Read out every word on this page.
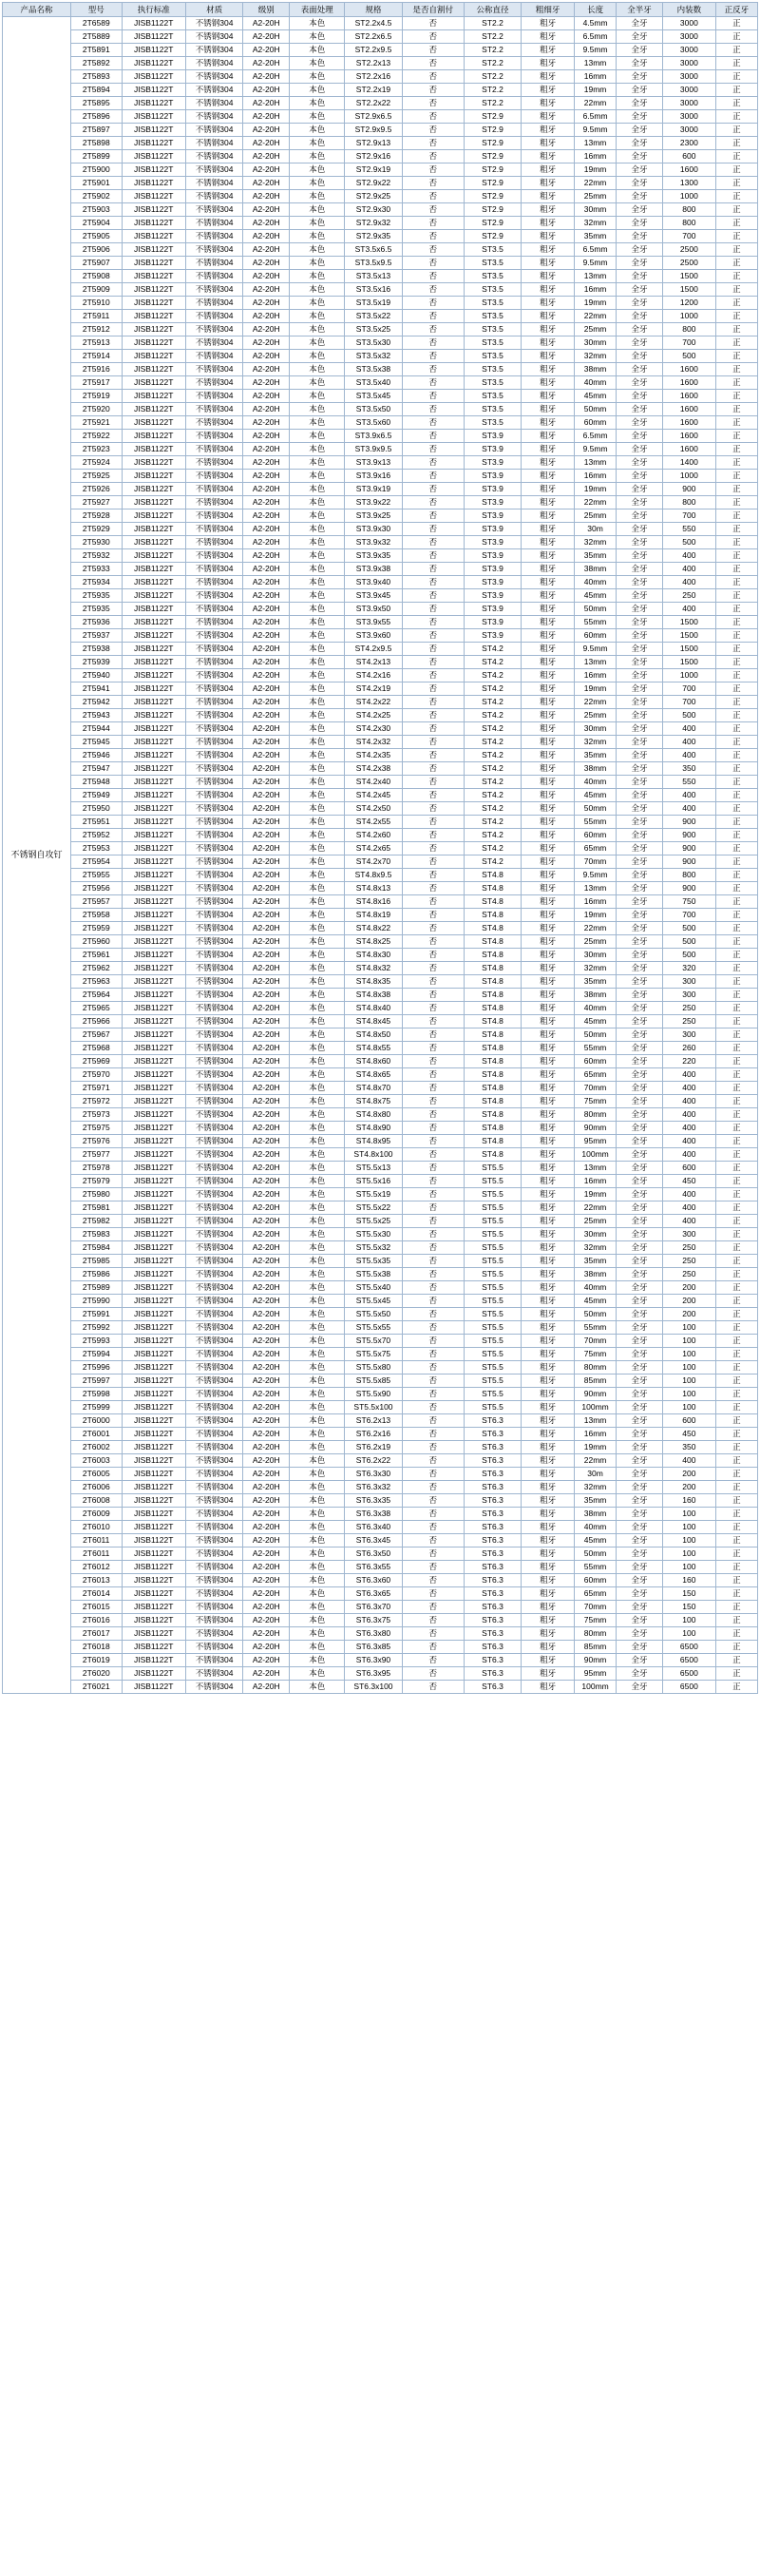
产品名称	型号	执行标准	材质	级别	表面处理	规格	是否自割付	公称直径	粗细牙	长度	全半牙	内装数	正反牙
不锈钢自攻钉	2T6589	JISB1122T	不锈钢304	A2-20H	本色	ST2.2x4.5	否	ST2.2	粗牙	4.5mm	全牙	3000	正
	2T5889	JISB1122T	不锈钢304	A2-20H	本色	ST2.2x6.5	否	ST2.2	粗牙	6.5mm	全牙	3000	正
	2T5891	JISB1122T	不锈钢304	A2-20H	本色	ST2.2x9.5	否	ST2.2	粗牙	9.5mm	全牙	3000	正
	2T5892	JISB1122T	不锈钢304	A2-20H	本色	ST2.2x13	否	ST2.2	粗牙	13mm	全牙	3000	正
	2T5893	JISB1122T	不锈钢304	A2-20H	本色	ST2.2x16	否	ST2.2	粗牙	16mm	全牙	3000	正
	2T5894	JISB1122T	不锈钢304	A2-20H	本色	ST2.2x19	否	ST2.2	粗牙	19mm	全牙	3000	正
	2T5895	JISB1122T	不锈钢304	A2-20H	本色	ST2.2x22	否	ST2.2	粗牙	22mm	全牙	3000	正
	2T5896	JISB1122T	不锈钢304	A2-20H	本色	ST2.9x6.5	否	ST2.9	粗牙	6.5mm	全牙	3000	正
	2T5897	JISB1122T	不锈钢304	A2-20H	本色	ST2.9x9.5	否	ST2.9	粗牙	9.5mm	全牙	3000	正
	2T5898	JISB1122T	不锈钢304	A2-20H	本色	ST2.9x13	否	ST2.9	粗牙	13mm	全牙	2300	正
	2T5899	JISB1122T	不锈钢304	A2-20H	本色	ST2.9x16	否	ST2.9	粗牙	16mm	全牙	600	正
	2T5900	JISB1122T	不锈钢304	A2-20H	本色	ST2.9x19	否	ST2.9	粗牙	19mm	全牙	1600	正
	2T5901	JISB1122T	不锈钢304	A2-20H	本色	ST2.9x22	否	ST2.9	粗牙	22mm	全牙	1300	正
	2T5902	JISB1122T	不锈钢304	A2-20H	本色	ST2.9x25	否	ST2.9	粗牙	25mm	全牙	1000	正
	2T5903	JISB1122T	不锈钢304	A2-20H	本色	ST2.9x30	否	ST2.9	粗牙	30mm	全牙	800	正
	2T5904	JISB1122T	不锈钢304	A2-20H	本色	ST2.9x32	否	ST2.9	粗牙	32mm	全牙	800	正
	2T5905	JISB1122T	不锈钢304	A2-20H	本色	ST2.9x35	否	ST2.9	粗牙	35mm	全牙	700	正
	2T5906	JISB1122T	不锈钢304	A2-20H	本色	ST3.5x6.5	否	ST3.5	粗牙	6.5mm	全牙	2500	正
	2T5907	JISB1122T	不锈钢304	A2-20H	本色	ST3.5x9.5	否	ST3.5	粗牙	9.5mm	全牙	2500	正
	2T5908	JISB1122T	不锈钢304	A2-20H	本色	ST3.5x13	否	ST3.5	粗牙	13mm	全牙	1500	正
	2T5909	JISB1122T	不锈钢304	A2-20H	本色	ST3.5x16	否	ST3.5	粗牙	16mm	全牙	1500	正
	2T5910	JISB1122T	不锈钢304	A2-20H	本色	ST3.5x19	否	ST3.5	粗牙	19mm	全牙	1200	正
	2T5911	JISB1122T	不锈钢304	A2-20H	本色	ST3.5x22	否	ST3.5	粗牙	22mm	全牙	1000	正
	2T5912	JISB1122T	不锈钢304	A2-20H	本色	ST3.5x25	否	ST3.5	粗牙	25mm	全牙	800	正
	2T5913	JISB1122T	不锈钢304	A2-20H	本色	ST3.5x30	否	ST3.5	粗牙	30mm	全牙	700	正
	2T5914	JISB1122T	不锈钢304	A2-20H	本色	ST3.5x32	否	ST3.5	粗牙	32mm	全牙	500	正
	2T5916	JISB1122T	不锈钢304	A2-20H	本色	ST3.5x38	否	ST3.5	粗牙	38mm	全牙	1600	正
	2T5917	JISB1122T	不锈钢304	A2-20H	本色	ST3.5x40	否	ST3.5	粗牙	40mm	全牙	1600	正
	2T5919	JISB1122T	不锈钢304	A2-20H	本色	ST3.5x45	否	ST3.5	粗牙	45mm	全牙	1600	正
	2T5920	JISB1122T	不锈钢304	A2-20H	本色	ST3.5x50	否	ST3.5	粗牙	50mm	全牙	1600	正
	2T5921	JISB1122T	不锈钢304	A2-20H	本色	ST3.5x60	否	ST3.5	粗牙	60mm	全牙	1600	正
	2T5922	JISB1122T	不锈钢304	A2-20H	本色	ST3.9x6.5	否	ST3.9	粗牙	6.5mm	全牙	1600	正
	2T5923	JISB1122T	不锈钢304	A2-20H	本色	ST3.9x9.5	否	ST3.9	粗牙	9.5mm	全牙	1600	正
	2T5924	JISB1122T	不锈钢304	A2-20H	本色	ST3.9x13	否	ST3.9	粗牙	13mm	全牙	1400	正
	2T5925	JISB1122T	不锈钢304	A2-20H	本色	ST3.9x16	否	ST3.9	粗牙	16mm	全牙	1000	正
	2T5926	JISB1122T	不锈钢304	A2-20H	本色	ST3.9x19	否	ST3.9	粗牙	19mm	全牙	900	正
	2T5927	JISB1122T	不锈钢304	A2-20H	本色	ST3.9x22	否	ST3.9	粗牙	22mm	全牙	800	正
	2T5928	JISB1122T	不锈钢304	A2-20H	本色	ST3.9x25	否	ST3.9	粗牙	25mm	全牙	700	正
	2T5929	JISB1122T	不锈钢304	A2-20H	本色	ST3.9x30	否	ST3.9	粗牙	30m	全牙	550	正
	2T5930	JISB1122T	不锈钢304	A2-20H	本色	ST3.9x32	否	ST3.9	粗牙	32mm	全牙	500	正
	2T5932	JISB1122T	不锈钢304	A2-20H	本色	ST3.9x35	否	ST3.9	粗牙	35mm	全牙	400	正
	2T5933	JISB1122T	不锈钢304	A2-20H	本色	ST3.9x38	否	ST3.9	粗牙	38mm	全牙	400	正
	2T5934	JISB1122T	不锈钢304	A2-20H	本色	ST3.9x40	否	ST3.9	粗牙	40mm	全牙	400	正
	2T5935	JISB1122T	不锈钢304	A2-20H	本色	ST3.9x45	否	ST3.9	粗牙	45mm	全牙	250	正
	2T5935	JISB1122T	不锈钢304	A2-20H	本色	ST3.9x50	否	ST3.9	粗牙	50mm	全牙	400	正
	2T5936	JISB1122T	不锈钢304	A2-20H	本色	ST3.9x55	否	ST3.9	粗牙	55mm	全牙	1500	正
	2T5937	JISB1122T	不锈钢304	A2-20H	本色	ST3.9x60	否	ST3.9	粗牙	60mm	全牙	1500	正
	2T5938	JISB1122T	不锈钢304	A2-20H	本色	ST4.2x9.5	否	ST4.2	粗牙	9.5mm	全牙	1500	正
	2T5939	JISB1122T	不锈钢304	A2-20H	本色	ST4.2x13	否	ST4.2	粗牙	13mm	全牙	1500	正
	2T5940	JISB1122T	不锈钢304	A2-20H	本色	ST4.2x16	否	ST4.2	粗牙	16mm	全牙	1000	正
	2T5941	JISB1122T	不锈钢304	A2-20H	本色	ST4.2x19	否	ST4.2	粗牙	19mm	全牙	700	正
	2T5942	JISB1122T	不锈钢304	A2-20H	本色	ST4.2x22	否	ST4.2	粗牙	22mm	全牙	700	正
	2T5943	JISB1122T	不锈钢304	A2-20H	本色	ST4.2x25	否	ST4.2	粗牙	25mm	全牙	500	正
	2T5944	JISB1122T	不锈钢304	A2-20H	本色	ST4.2x30	否	ST4.2	粗牙	30mm	全牙	400	正
	2T5945	JISB1122T	不锈钢304	A2-20H	本色	ST4.2x32	否	ST4.2	粗牙	32mm	全牙	400	正
	2T5946	JISB1122T	不锈钢304	A2-20H	本色	ST4.2x35	否	ST4.2	粗牙	35mm	全牙	400	正
	2T5947	JISB1122T	不锈钢304	A2-20H	本色	ST4.2x38	否	ST4.2	粗牙	38mm	全牙	350	正
	2T5948	JISB1122T	不锈钢304	A2-20H	本色	ST4.2x40	否	ST4.2	粗牙	40mm	全牙	550	正
	2T5949	JISB1122T	不锈钢304	A2-20H	本色	ST4.2x45	否	ST4.2	粗牙	45mm	全牙	400	正
	2T5950	JISB1122T	不锈钢304	A2-20H	本色	ST4.2x50	否	ST4.2	粗牙	50mm	全牙	400	正
	2T5951	JISB1122T	不锈钢304	A2-20H	本色	ST4.2x55	否	ST4.2	粗牙	55mm	全牙	900	正
	2T5952	JISB1122T	不锈钢304	A2-20H	本色	ST4.2x60	否	ST4.2	粗牙	60mm	全牙	900	正
	2T5953	JISB1122T	不锈钢304	A2-20H	本色	ST4.2x65	否	ST4.2	粗牙	65mm	全牙	900	正
	2T5954	JISB1122T	不锈钢304	A2-20H	本色	ST4.2x70	否	ST4.2	粗牙	70mm	全牙	900	正
	2T5955	JISB1122T	不锈钢304	A2-20H	本色	ST4.8x9.5	否	ST4.8	粗牙	9.5mm	全牙	800	正
	2T5956	JISB1122T	不锈钢304	A2-20H	本色	ST4.8x13	否	ST4.8	粗牙	13mm	全牙	900	正
	2T5957	JISB1122T	不锈钢304	A2-20H	本色	ST4.8x16	否	ST4.8	粗牙	16mm	全牙	750	正
	2T5958	JISB1122T	不锈钢304	A2-20H	本色	ST4.8x19	否	ST4.8	粗牙	19mm	全牙	700	正
	2T5959	JISB1122T	不锈钢304	A2-20H	本色	ST4.8x22	否	ST4.8	粗牙	22mm	全牙	500	正
	2T5960	JISB1122T	不锈钢304	A2-20H	本色	ST4.8x25	否	ST4.8	粗牙	25mm	全牙	500	正
	2T5961	JISB1122T	不锈钢304	A2-20H	本色	ST4.8x30	否	ST4.8	粗牙	30mm	全牙	500	正
	2T5962	JISB1122T	不锈钢304	A2-20H	本色	ST4.8x32	否	ST4.8	粗牙	32mm	全牙	320	正
	2T5963	JISB1122T	不锈钢304	A2-20H	本色	ST4.8x35	否	ST4.8	粗牙	35mm	全牙	300	正
	2T5964	JISB1122T	不锈钢304	A2-20H	本色	ST4.8x38	否	ST4.8	粗牙	38mm	全牙	300	正
	2T5965	JISB1122T	不锈钢304	A2-20H	本色	ST4.8x40	否	ST4.8	粗牙	40mm	全牙	250	正
	2T5966	JISB1122T	不锈钢304	A2-20H	本色	ST4.8x45	否	ST4.8	粗牙	45mm	全牙	250	正
	2T5967	JISB1122T	不锈钢304	A2-20H	本色	ST4.8x50	否	ST4.8	粗牙	50mm	全牙	300	正
	2T5968	JISB1122T	不锈钢304	A2-20H	本色	ST4.8x55	否	ST4.8	粗牙	55mm	全牙	260	正
	2T5969	JISB1122T	不锈钢304	A2-20H	本色	ST4.8x60	否	ST4.8	粗牙	60mm	全牙	220	正
	2T5970	JISB1122T	不锈钢304	A2-20H	本色	ST4.8x65	否	ST4.8	粗牙	65mm	全牙	400	正
	2T5971	JISB1122T	不锈钢304	A2-20H	本色	ST4.8x70	否	ST4.8	粗牙	70mm	全牙	400	正
	2T5972	JISB1122T	不锈钢304	A2-20H	本色	ST4.8x75	否	ST4.8	粗牙	75mm	全牙	400	正
	2T5973	JISB1122T	不锈钢304	A2-20H	本色	ST4.8x80	否	ST4.8	粗牙	80mm	全牙	400	正
	2T5975	JISB1122T	不锈钢304	A2-20H	本色	ST4.8x90	否	ST4.8	粗牙	90mm	全牙	400	正
	2T5976	JISB1122T	不锈钢304	A2-20H	本色	ST4.8x95	否	ST4.8	粗牙	95mm	全牙	400	正
	2T5977	JISB1122T	不锈钢304	A2-20H	本色	ST4.8x100	否	ST4.8	粗牙	100mm	全牙	400	正
	2T5978	JISB1122T	不锈钢304	A2-20H	本色	ST5.5x13	否	ST5.5	粗牙	13mm	全牙	600	正
	2T5979	JISB1122T	不锈钢304	A2-20H	本色	ST5.5x16	否	ST5.5	粗牙	16mm	全牙	450	正
	2T5980	JISB1122T	不锈钢304	A2-20H	本色	ST5.5x19	否	ST5.5	粗牙	19mm	全牙	400	正
	2T5981	JISB1122T	不锈钢304	A2-20H	本色	ST5.5x22	否	ST5.5	粗牙	22mm	全牙	400	正
	2T5982	JISB1122T	不锈钢304	A2-20H	本色	ST5.5x25	否	ST5.5	粗牙	25mm	全牙	400	正
	2T5983	JISB1122T	不锈钢304	A2-20H	本色	ST5.5x30	否	ST5.5	粗牙	30mm	全牙	300	正
	2T5984	JISB1122T	不锈钢304	A2-20H	本色	ST5.5x32	否	ST5.5	粗牙	32mm	全牙	250	正
	2T5985	JISB1122T	不锈钢304	A2-20H	本色	ST5.5x35	否	ST5.5	粗牙	35mm	全牙	250	正
	2T5986	JISB1122T	不锈钢304	A2-20H	本色	ST5.5x38	否	ST5.5	粗牙	38mm	全牙	250	正
	2T5989	JISB1122T	不锈钢304	A2-20H	本色	ST5.5x40	否	ST5.5	粗牙	40mm	全牙	200	正
	2T5990	JISB1122T	不锈钢304	A2-20H	本色	ST5.5x45	否	ST5.5	粗牙	45mm	全牙	200	正
	2T5991	JISB1122T	不锈钢304	A2-20H	本色	ST5.5x50	否	ST5.5	粗牙	50mm	全牙	200	正
	2T5992	JISB1122T	不锈钢304	A2-20H	本色	ST5.5x55	否	ST5.5	粗牙	55mm	全牙	100	正
	2T5993	JISB1122T	不锈钢304	A2-20H	本色	ST5.5x70	否	ST5.5	粗牙	70mm	全牙	100	正
	2T5994	JISB1122T	不锈钢304	A2-20H	本色	ST5.5x75	否	ST5.5	粗牙	75mm	全牙	100	正
	2T5996	JISB1122T	不锈钢304	A2-20H	本色	ST5.5x80	否	ST5.5	粗牙	80mm	全牙	100	正
	2T5997	JISB1122T	不锈钢304	A2-20H	本色	ST5.5x85	否	ST5.5	粗牙	85mm	全牙	100	正
	2T5998	JISB1122T	不锈钢304	A2-20H	本色	ST5.5x90	否	ST5.5	粗牙	90mm	全牙	100	正
	2T5999	JISB1122T	不锈钢304	A2-20H	本色	ST5.5x100	否	ST5.5	粗牙	100mm	全牙	100	正
	2T6000	JISB1122T	不锈钢304	A2-20H	本色	ST6.2x13	否	ST6.3	粗牙	13mm	全牙	600	正
	2T6001	JISB1122T	不锈钢304	A2-20H	本色	ST6.2x16	否	ST6.3	粗牙	16mm	全牙	450	正
	2T6002	JISB1122T	不锈钢304	A2-20H	本色	ST6.2x19	否	ST6.3	粗牙	19mm	全牙	350	正
	2T6003	JISB1122T	不锈钢304	A2-20H	本色	ST6.2x22	否	ST6.3	粗牙	22mm	全牙	400	正
	2T6005	JISB1122T	不锈钢304	A2-20H	本色	ST6.3x30	否	ST6.3	粗牙	30m	全牙	200	正
	2T6006	JISB1122T	不锈钢304	A2-20H	本色	ST6.3x32	否	ST6.3	粗牙	32mm	全牙	200	正
	2T6008	JISB1122T	不锈钢304	A2-20H	本色	ST6.3x35	否	ST6.3	粗牙	35mm	全牙	160	正
	2T6009	JISB1122T	不锈钢304	A2-20H	本色	ST6.3x38	否	ST6.3	粗牙	38mm	全牙	100	正
	2T6010	JISB1122T	不锈钢304	A2-20H	本色	ST6.3x40	否	ST6.3	粗牙	40mm	全牙	100	正
	2T6011	JISB1122T	不锈钢304	A2-20H	本色	ST6.3x45	否	ST6.3	粗牙	45mm	全牙	100	正
	2T6011	JISB1122T	不锈钢304	A2-20H	本色	ST6.3x50	否	ST6.3	粗牙	50mm	全牙	100	正
	2T6012	JISB1122T	不锈钢304	A2-20H	本色	ST6.3x55	否	ST6.3	粗牙	55mm	全牙	100	正
	2T6013	JISB1122T	不锈钢304	A2-20H	本色	ST6.3x60	否	ST6.3	粗牙	60mm	全牙	160	正
	2T6014	JISB1122T	不锈钢304	A2-20H	本色	ST6.3x65	否	ST6.3	粗牙	65mm	全牙	150	正
	2T6015	JISB1122T	不锈钢304	A2-20H	本色	ST6.3x70	否	ST6.3	粗牙	70mm	全牙	150	正
	2T6016	JISB1122T	不锈钢304	A2-20H	本色	ST6.3x75	否	ST6.3	粗牙	75mm	全牙	100	正
	2T6017	JISB1122T	不锈钢304	A2-20H	本色	ST6.3x80	否	ST6.3	粗牙	80mm	全牙	100	正
	2T6018	JISB1122T	不锈钢304	A2-20H	本色	ST6.3x85	否	ST6.3	粗牙	85mm	全牙	6500	正
	2T6019	JISB1122T	不锈钢304	A2-20H	本色	ST6.3x90	否	ST6.3	粗牙	90mm	全牙	6500	正
	2T6020	JISB1122T	不锈钢304	A2-20H	本色	ST6.3x95	否	ST6.3	粗牙	95mm	全牙	6500	正
	2T6021	JISB1122T	不锈钢304	A2-20H	本色	ST6.3x100	否	ST6.3	粗牙	100mm	全牙	6500	正
